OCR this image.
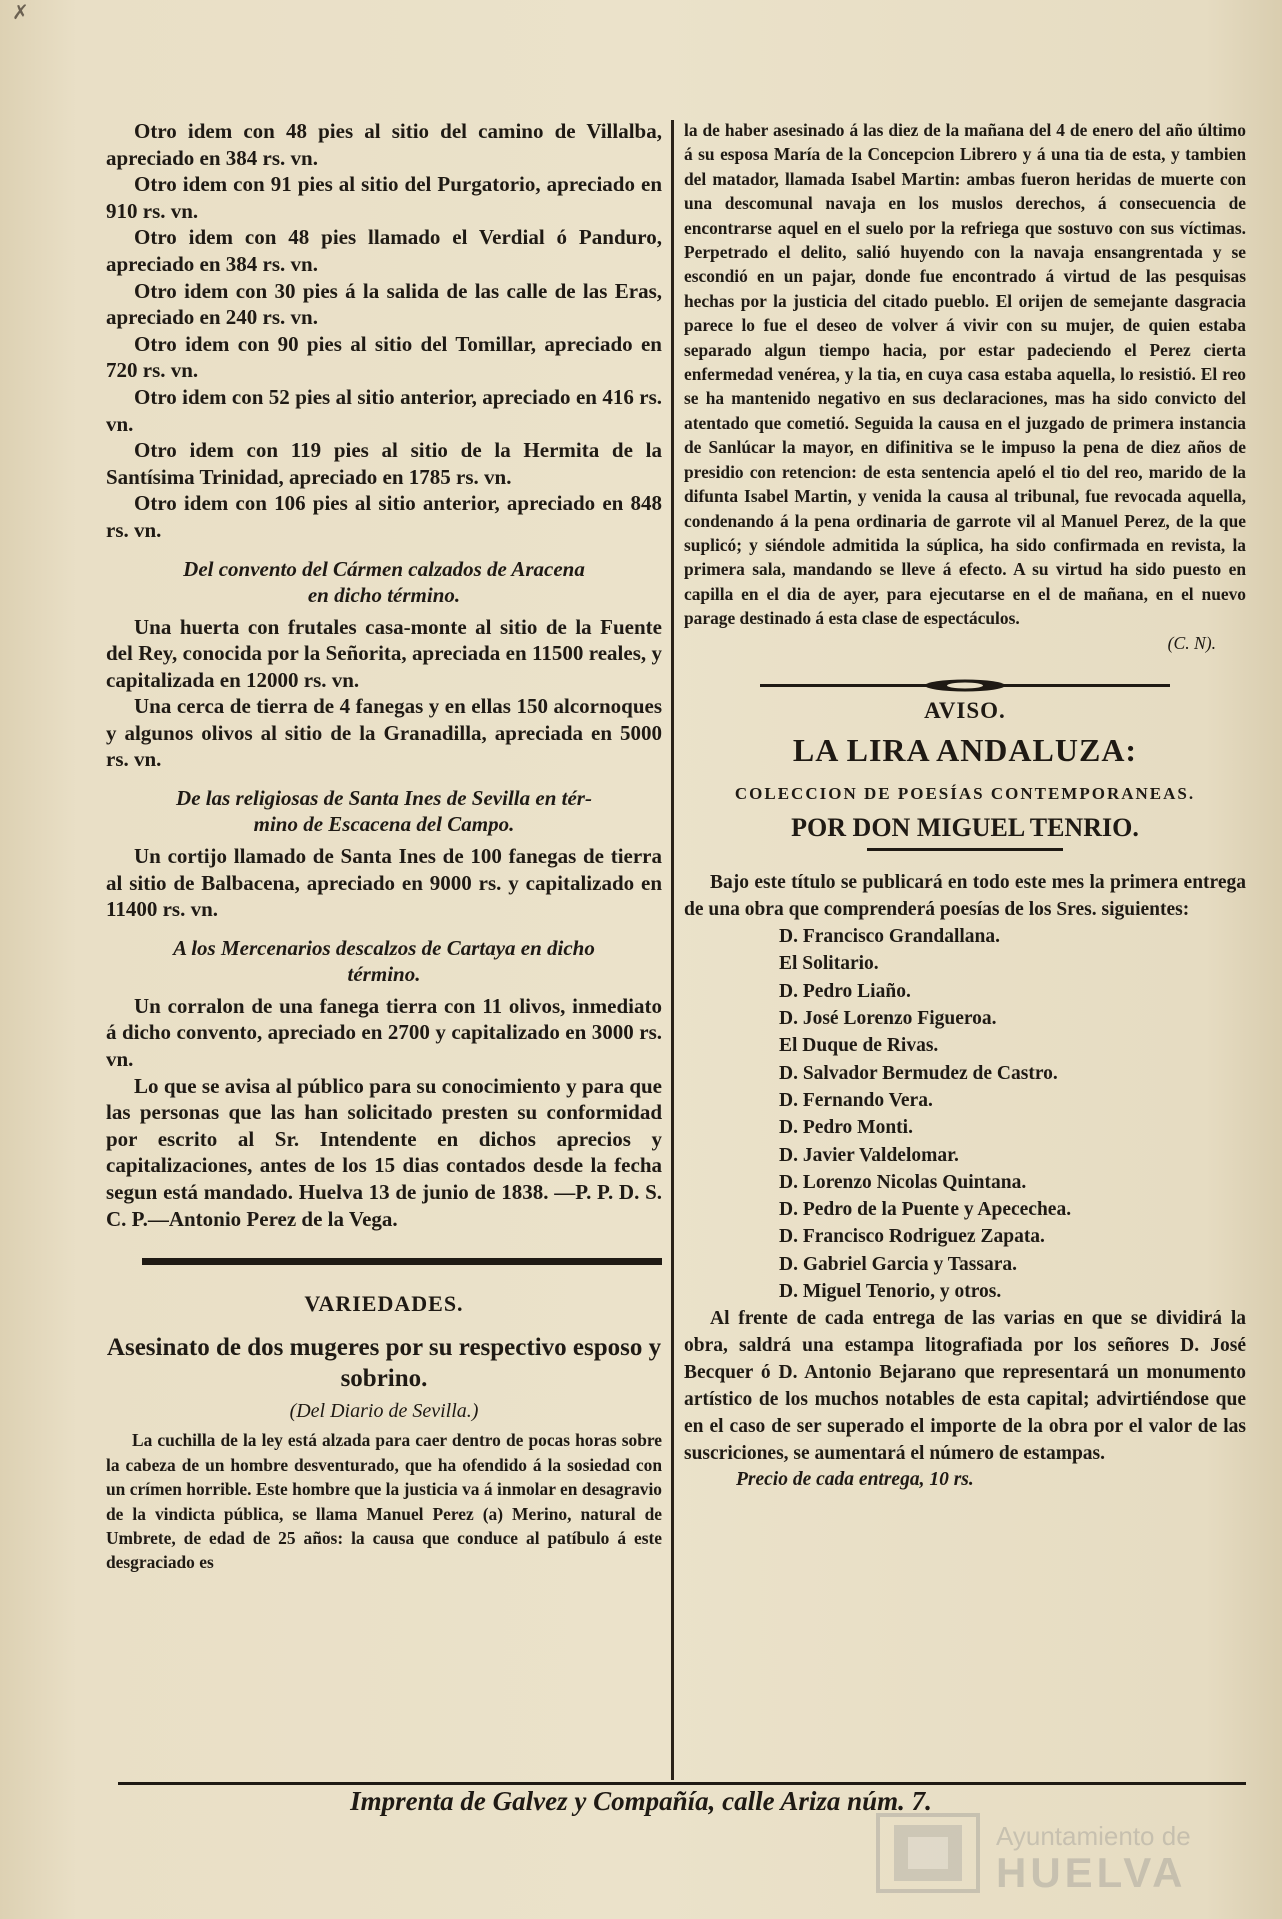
✗

Otro idem con 48 pies al sitio del camino de Villalba, apreciado en 384 rs. vn.

Otro idem con 91 pies al sitio del Purgatorio, apreciado en 910 rs. vn.

Otro idem con 48 pies llamado el Verdial ó Panduro, apreciado en 384 rs. vn.

Otro idem con 30 pies á la salida de las calle de las Eras, apreciado en 240 rs. vn.

Otro idem con 90 pies al sitio del Tomillar, apreciado en 720 rs. vn.

Otro idem con 52 pies al sitio anterior, apreciado en 416 rs. vn.

Otro idem con 119 pies al sitio de la Hermita de la Santísima Trinidad, apreciado en 1785 rs. vn.

Otro idem con 106 pies al sitio anterior, apreciado en 848 rs. vn.

Del convento del Cármen calzados de Aracena
en dicho término.

Una huerta con frutales casa-monte al sitio de la Fuente del Rey, conocida por la Señorita, apreciada en 11500 reales, y capitalizada en 12000 rs. vn.

Una cerca de tierra de 4 fanegas y en ellas 150 alcornoques y algunos olivos al sitio de la Granadilla, apreciada en 5000 rs. vn.

De las religiosas de Santa Ines de Sevilla en tér-
mino de Escacena del Campo.

Un cortijo llamado de Santa Ines de 100 fanegas de tierra al sitio de Balbacena, apreciado en 9000 rs. y capitalizado en 11400 rs. vn.

A los Mercenarios descalzos de Cartaya en dicho
término.

Un corralon de una fanega tierra con 11 olivos, inmediato á dicho convento, apreciado en 2700 y capitalizado en 3000 rs. vn.

Lo que se avisa al público para su conocimiento y para que las personas que las han solicitado presten su conformidad por escrito al Sr. Intendente en dichos aprecios y capitalizaciones, antes de los 15 dias contados desde la fecha segun está mandado. Huelva 13 de junio de 1838. —P. P. D. S. C. P.—Antonio Perez de la Vega.

VARIEDADES.
Asesinato de dos mugeres por su respectivo esposo y sobrino.
(Del Diario de Sevilla.)

La cuchilla de la ley está alzada para caer dentro de pocas horas sobre la cabeza de un hombre desventurado, que ha ofendido á la sosiedad con un crímen horrible. Este hombre que la justicia va á inmolar en desagravio de la vindicta pública, se llama Manuel Perez (a) Merino, natural de Umbrete, de edad de 25 años: la causa que conduce al patíbulo á este desgraciado es

la de haber asesinado á las diez de la mañana del 4 de enero del año último á su esposa María de la Concepcion Librero y á una tia de esta, y tambien del matador, llamada Isabel Martin: ambas fueron heridas de muerte con una descomunal navaja en los muslos derechos, á consecuencia de encontrarse aquel en el suelo por la refriega que sostuvo con sus víctimas. Perpetrado el delito, salió huyendo con la navaja ensangrentada y se escondió en un pajar, donde fue encontrado á virtud de las pesquisas hechas por la justicia del citado pueblo. El orijen de semejante dasgracia parece lo fue el deseo de volver á vivir con su mujer, de quien estaba separado algun tiempo hacia, por estar padeciendo el Perez cierta enfermedad venérea, y la tia, en cuya casa estaba aquella, lo resistió. El reo se ha mantenido negativo en sus declaraciones, mas ha sido convicto del atentado que cometió. Seguida la causa en el juzgado de primera instancia de Sanlúcar la mayor, en difinitiva se le impuso la pena de diez años de presidio con retencion: de esta sentencia apeló el tio del reo, marido de la difunta Isabel Martin, y venida la causa al tribunal, fue revocada aquella, condenando á la pena ordinaria de garrote vil al Manuel Perez, de la que suplicó; y siéndole admitida la súplica, ha sido confirmada en revista, la primera sala, mandando se lleve á efecto. A su virtud ha sido puesto en capilla en el dia de ayer, para ejecutarse en el de mañana, en el nuevo parage destinado á esta clase de espectáculos.

(C. N).
AVISO.
LA LIRA ANDALUZA:
COLECCION DE POESÍAS CONTEMPORANEAS.
POR DON MIGUEL TENRIO.

Bajo este título se publicará en todo este mes la primera entrega de una obra que comprenderá poesías de los Sres. siguientes:

D. Francisco Grandallana.
El Solitario.
D. Pedro Liaño.
D. José Lorenzo Figueroa.
El Duque de Rivas.
D. Salvador Bermudez de Castro.
D. Fernando Vera.
D. Pedro Monti.
D. Javier Valdelomar.
D. Lorenzo Nicolas Quintana.
D. Pedro de la Puente y Apecechea.
D. Francisco Rodriguez Zapata.
D. Gabriel Garcia y Tassara.
D. Miguel Tenorio, y otros.

Al frente de cada entrega de las varias en que se dividirá la obra, saldrá una estampa litografiada por los señores D. José Becquer ó D. Antonio Bejarano que representará un monumento artístico de los muchos notables de esta capital; advirtiéndose que en el caso de ser superado el importe de la obra por el valor de las suscriciones, se aumentará el número de estampas.

Precio de cada entrega, 10 rs.

Imprenta de Galvez y Compañía, calle Ariza núm. 7.
Ayuntamiento de
HUELVA
